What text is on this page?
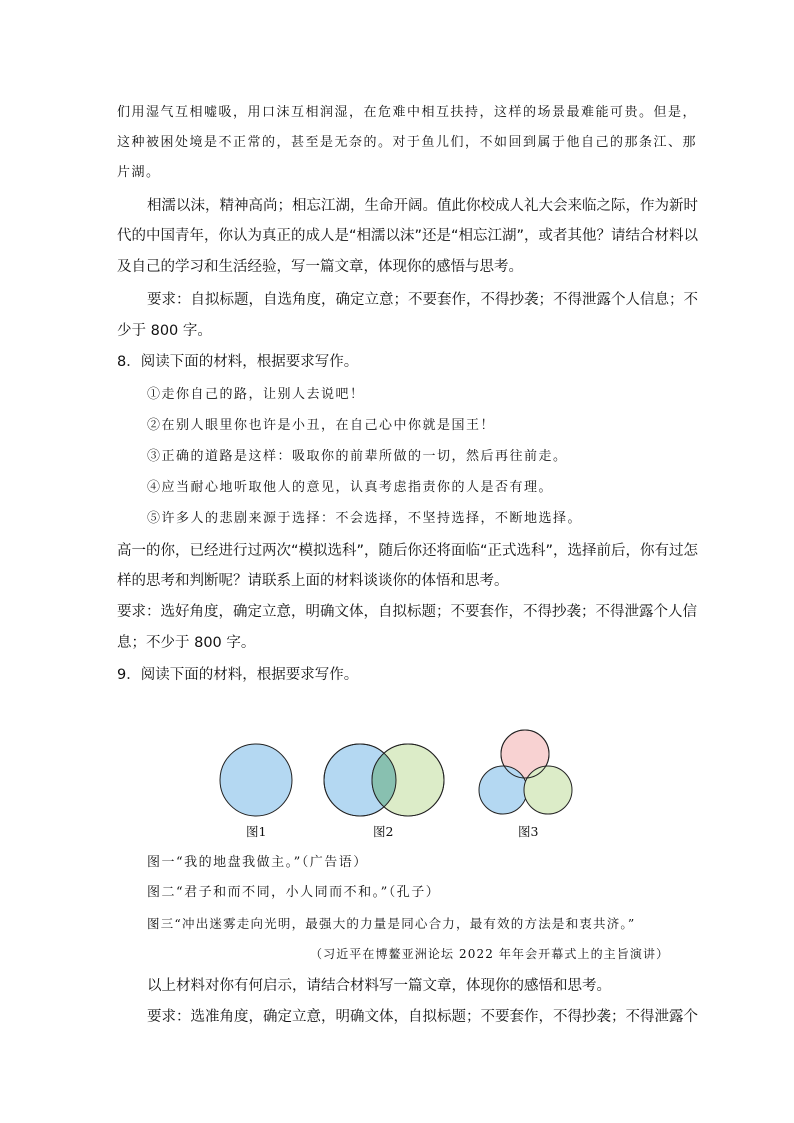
们用湿气互相嘘吸，用口沫互相润湿，在危难中相互扶持，这样的场景最难能可贵。但是，
这种被困处境是不正常的，甚至是无奈的。对于鱼儿们，不如回到属于他自己的那条江、那
片湖。
相濡以沫，精神高尚；相忘江湖，生命开阔。值此你校成人礼大会来临之际，作为新时
代的中国青年，你认为真正的成人是“相濡以沫”还是“相忘江湖”，或者其他？请结合材料以
及自己的学习和生活经验，写一篇文章，体现你的感悟与思考。
要求：自拟标题，自选角度，确定立意；不要套作，不得抄袭；不得泄露个人信息；不
少于 800 字。
8．阅读下面的材料，根据要求写作。
①走你自己的路，让别人去说吧！
②在别人眼里你也许是小丑，在自己心中你就是国王！
③正确的道路是这样：吸取你的前辈所做的一切，然后再往前走。
④应当耐心地听取他人的意见，认真考虑指责你的人是否有理。
⑤许多人的悲剧来源于选择：不会选择，不坚持选择，不断地选择。
高一的你，已经进行过两次“模拟选科”，随后你还将面临“正式选科”，选择前后，你有过怎
样的思考和判断呢？请联系上面的材料谈谈你的体悟和思考。
要求：选好角度，确定立意，明确文体，自拟标题；不要套作，不得抄袭；不得泄露个人信
息；不少于 800 字。
9．阅读下面的材料，根据要求写作。
图1	图2	图3
图一“我的地盘我做主。”（广告语）
图二“君子和而不同，小人同而不和。”（孔子）
图三“冲出迷雾走向光明，最强大的力量是同心合力，最有效的方法是和衷共济。”
（习近平在博鳌亚洲论坛 2022 年年会开幕式上的主旨演讲）
以上材料对你有何启示，请结合材料写一篇文章，体现你的感悟和思考。
要求：选准角度，确定立意，明确文体，自拟标题；不要套作，不得抄袭；不得泄露个
